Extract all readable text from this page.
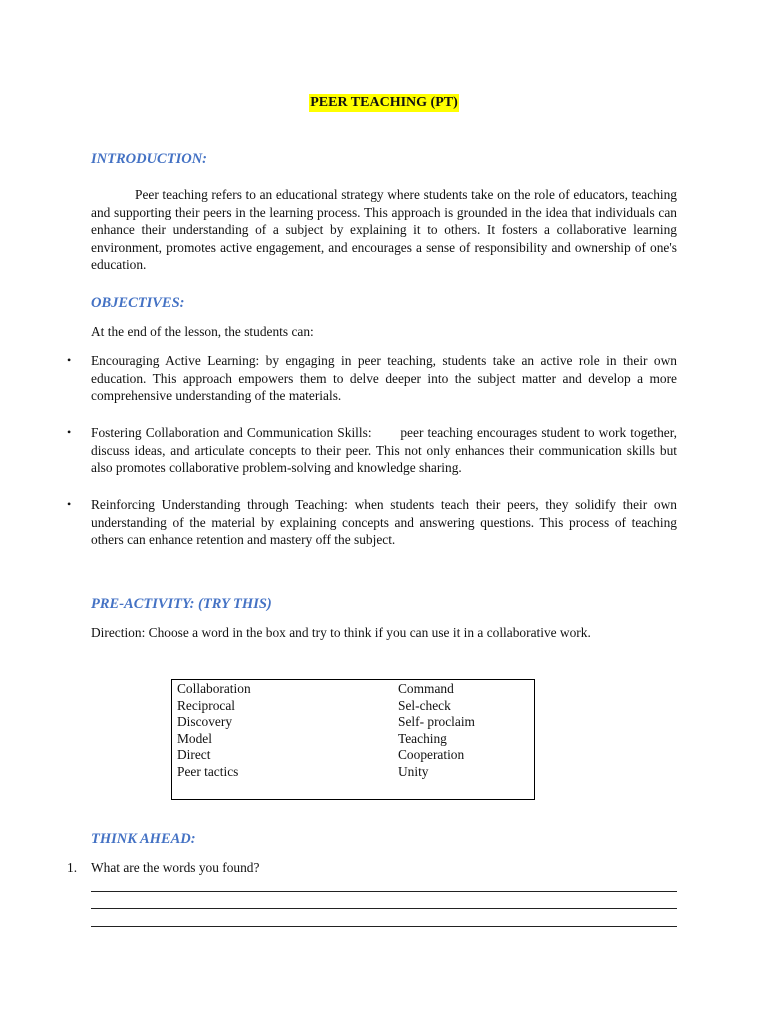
PEER TEACHING (PT)

INTRODUCTION:

Peer teaching refers to an educational strategy where students take on the role of educators, teaching and supporting their peers in the learning process. This approach is grounded in the idea that individuals can enhance their understanding of a subject by explaining it to others. It fosters a collaborative learning environment, promotes active engagement, and encourages a sense of responsibility and ownership of one's education.

OBJECTIVES:

At the end of the lesson, the students can:

• Encouraging Active Learning: by engaging in peer teaching, students take an active role in their own education. This approach empowers them to delve deeper into the subject matter and develop a more comprehensive understanding of the materials.

• Fostering Collaboration and Communication Skills:       peer teaching encourages student to work together, discuss ideas, and articulate concepts to their peer. This not only enhances their communication skills but also promotes collaborative problem-solving and knowledge sharing.

• Reinforcing Understanding through Teaching: when students teach their peers, they solidify their own understanding of the material by explaining concepts and answering questions. This process of teaching others can enhance retention and mastery off the subject.

PRE-ACTIVITY: (TRY THIS)

Direction: Choose a word in the box and try to think if you can use it in a collaborative work.

Collaboration
Reciprocal
Discovery
Model
Direct
Peer tactics
Command
Sel-check
Self- proclaim
Teaching
Cooperation
Unity

THINK AHEAD:

1. What are the words you found?
